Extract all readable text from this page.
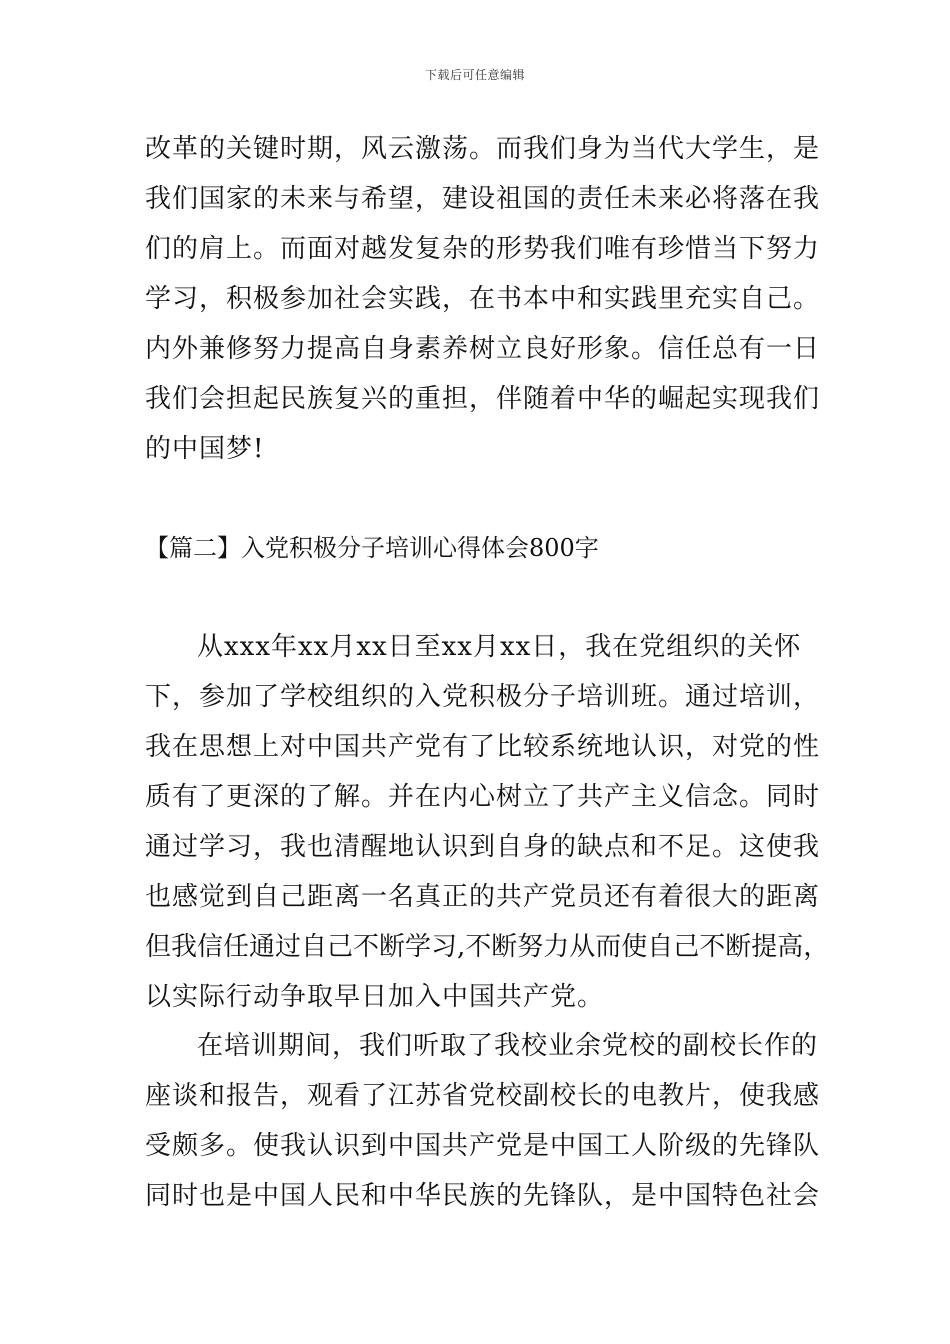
下载后可任意编辑
改革的关键时期，风云激荡。而我们身为当代大学生，是
我们国家的未来与希望，建设祖国的责任未来必将落在我
们的肩上。而面对越发复杂的形势我们唯有珍惜当下努力
学习，积极参加社会实践，在书本中和实践里充实自己。
内外兼修努力提高自身素养树立良好形象。信任总有一日
我们会担起民族复兴的重担，伴随着中华的崛起实现我们
的中国梦!
【篇二】入党积极分子培训心得体会800字
从xxx年xx月xx日至xx月xx日，我在党组织的关怀
下，参加了学校组织的入党积极分子培训班。通过培训，
我在思想上对中国共产党有了比较系统地认识，对党的性
质有了更深的了解。并在内心树立了共产主义信念。同时
通过学习，我也清醒地认识到自身的缺点和不足。这使我
也感觉到自己距离一名真正的共产党员还有着很大的距离
但我信任通过自己不断学习,不断努力从而使自己不断提高，
以实际行动争取早日加入中国共产党。
在培训期间，我们听取了我校业余党校的副校长作的
座谈和报告，观看了江苏省党校副校长的电教片，使我感
受颇多。使我认识到中国共产党是中国工人阶级的先锋队
同时也是中国人民和中华民族的先锋队，是中国特色社会
